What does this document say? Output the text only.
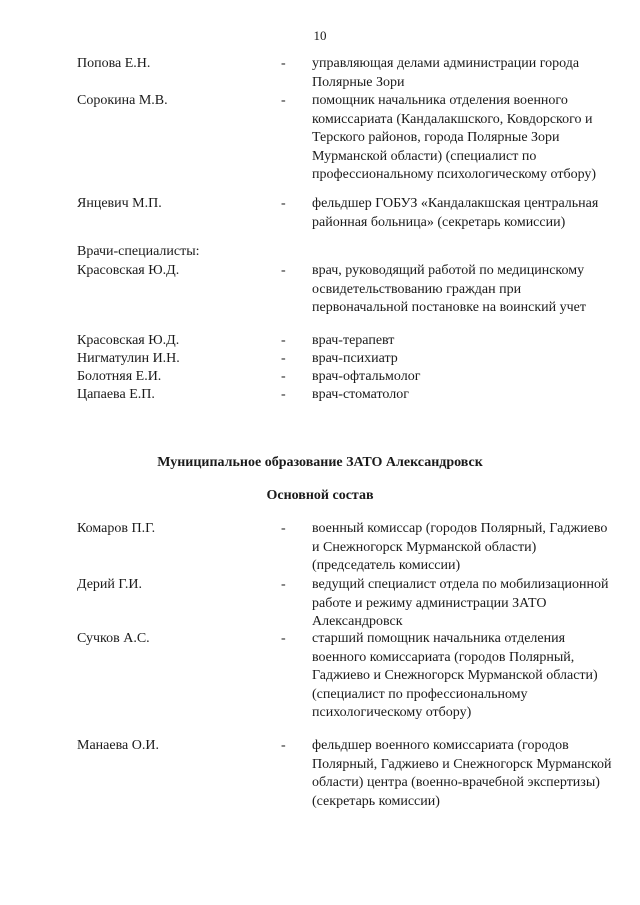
10
Попова Е.Н.	- управляющая делами администрации города Полярные Зори
Сорокина М.В.	- помощник начальника отделения военного комиссариата (Кандалакшского, Ковдорского и Терского районов, города Полярные Зори Мурманской области) (специалист по профессиональному психологическому отбору)
Янцевич М.П.	- фельдшер ГОБУЗ «Кандалакшская центральная районная больница» (секретарь комиссии)
Врачи-специалисты:
Красовская Ю.Д.	- врач, руководящий работой по медицинскому освидетельствованию граждан при первоначальной постановке на воинский учет
Красовская Ю.Д.	- врач-терапевт
Нигматулин И.Н.	- врач-психиатр
Болотняя Е.И.	- врач-офтальмолог
Цапаева Е.П.	- врач-стоматолог
Муниципальное образование ЗАТО Александровск
Основной состав
Комаров П.Г.	- военный комиссар (городов Полярный, Гаджиево и Снежногорск Мурманской области) (председатель комиссии)
Дерий Г.И.	- ведущий специалист отдела по мобилизационной работе и режиму администрации ЗАТО Александровск
Сучков А.С.	- старший помощник начальника отделения военного комиссариата (городов Полярный, Гаджиево и Снежногорск Мурманской области) (специалист по профессиональному психологическому отбору)
Манаева О.И.	- фельдшер военного комиссариата (городов Полярный, Гаджиево и Снежногорск Мурманской области) центра (военно-врачебной экспертизы) (секретарь комиссии)
